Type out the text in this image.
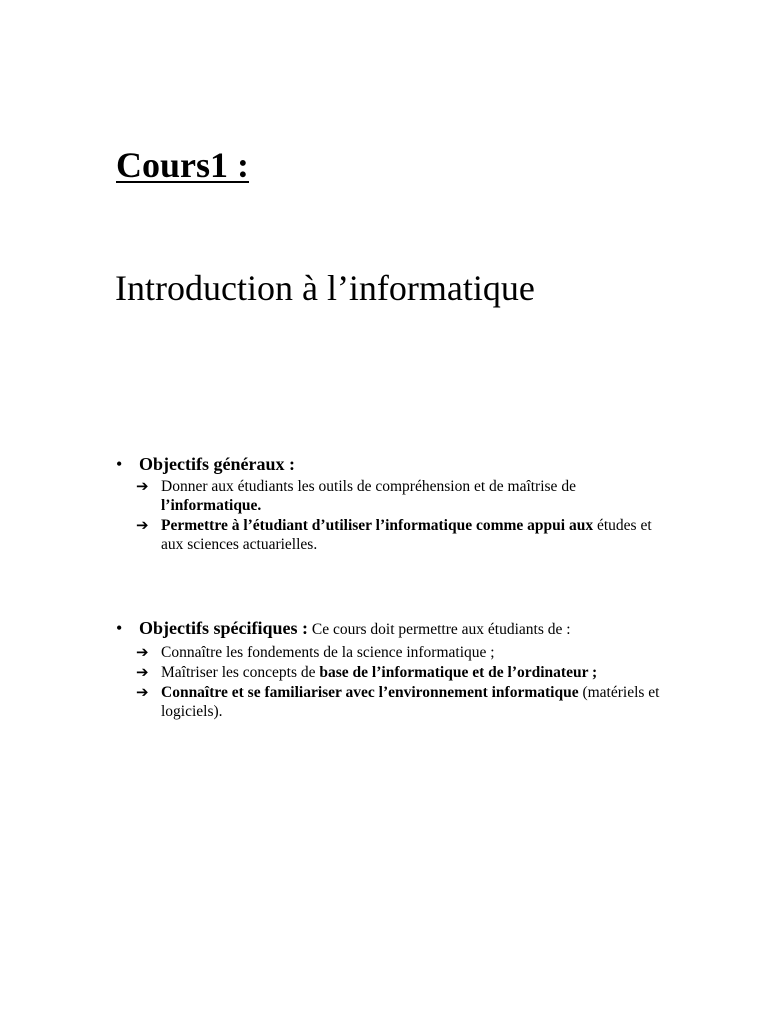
Cours1 :
Introduction à l’informatique
• Objectifs généraux :
➔ Donner aux étudiants les outils de compréhension et de maîtrise de l’informatique.
➔ Permettre à l’étudiant d’utiliser l’informatique comme appui aux études et aux sciences actuarielles.
• Objectifs spécifiques : Ce cours doit permettre aux étudiants de :
➔ Connaître les fondements de la science informatique ;
➔ Maîtriser les concepts de base de l’informatique et de l’ordinateur ;
➔ Connaître et se familiariser avec l’environnement informatique (matériels et logiciels).
